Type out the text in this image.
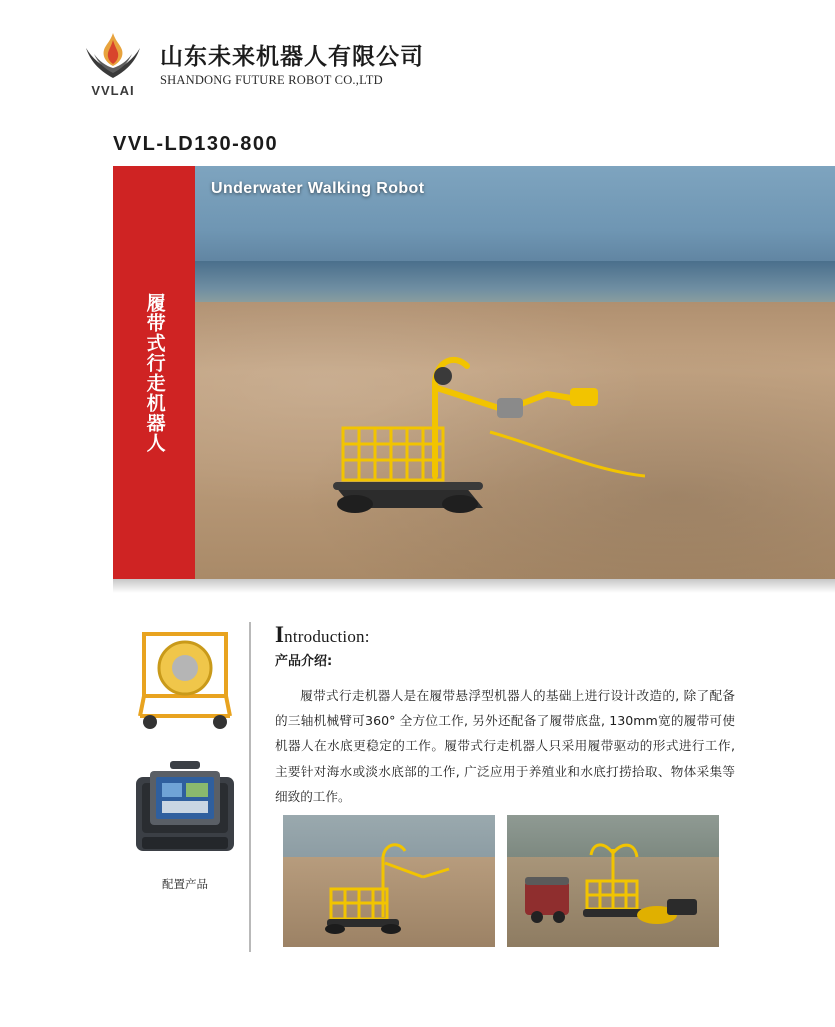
VVLAI
山东未来机器人有限公司
SHANDONG FUTURE ROBOT CO.,LTD
VVL-LD130-800
Underwater Walking Robot
履带式行走机器人

配置产品
Introduction:
产品介绍:
履带式行走机器人是在履带悬浮型机器人的基础上进行设计改造的, 除了配备的三轴机械臂可360° 全方位工作, 另外还配备了履带底盘, 130mm宽的履带可使机器人在水底更稳定的工作。履带式行走机器人只采用履带驱动的形式进行工作, 主要针对海水或淡水底部的工作, 广泛应用于养殖业和水底打捞拾取、物体采集等细致的工作。
